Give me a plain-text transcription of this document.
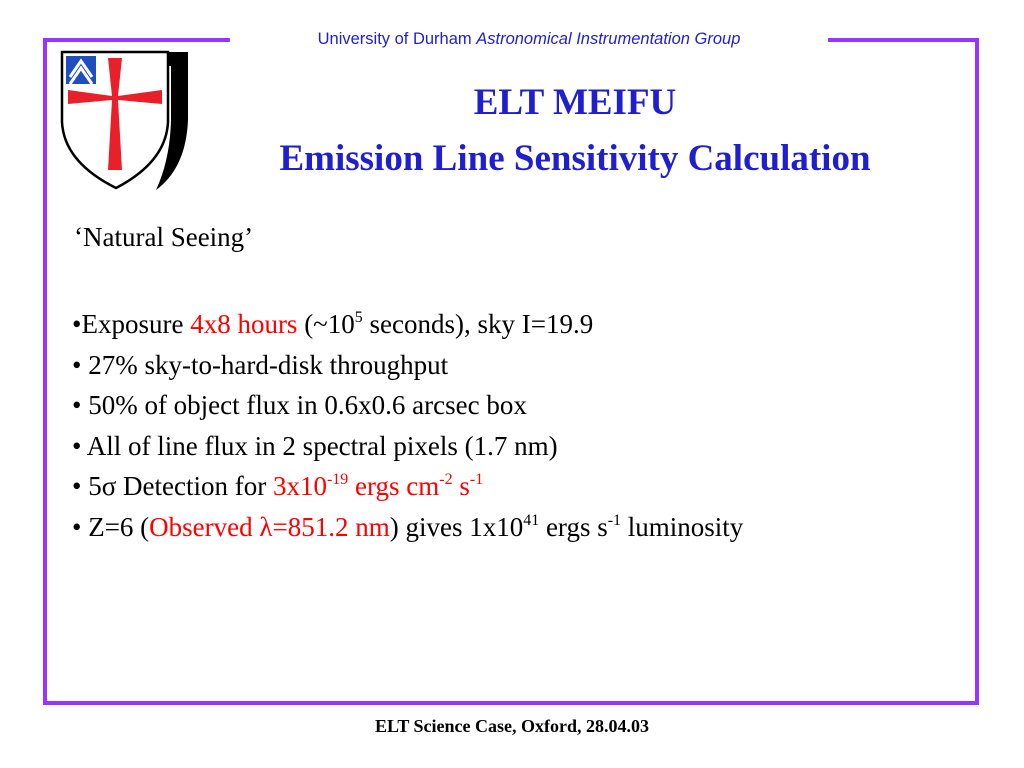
University of Durham Astronomical Instrumentation Group
ELT MEIFU
Emission Line Sensitivity Calculation
‘Natural Seeing’
•Exposure 4x8 hours ($\sim 10^5$ seconds), sky I=19.9
• 27% sky-to-hard-disk throughput
• 50% of object flux in 0.6x0.6 arcsec box
• All of line flux in 2 spectral pixels (1.7 nm)
• 5σ Detection for $3x10^{-19}$ ergs $cm^{-2}$ $s^{-1}$
• Z=6 (Observed λ=851.2 nm) gives $1x10^{41}$ ergs $s^{-1}$ luminosity
ELT Science Case, Oxford, 28.04.03
